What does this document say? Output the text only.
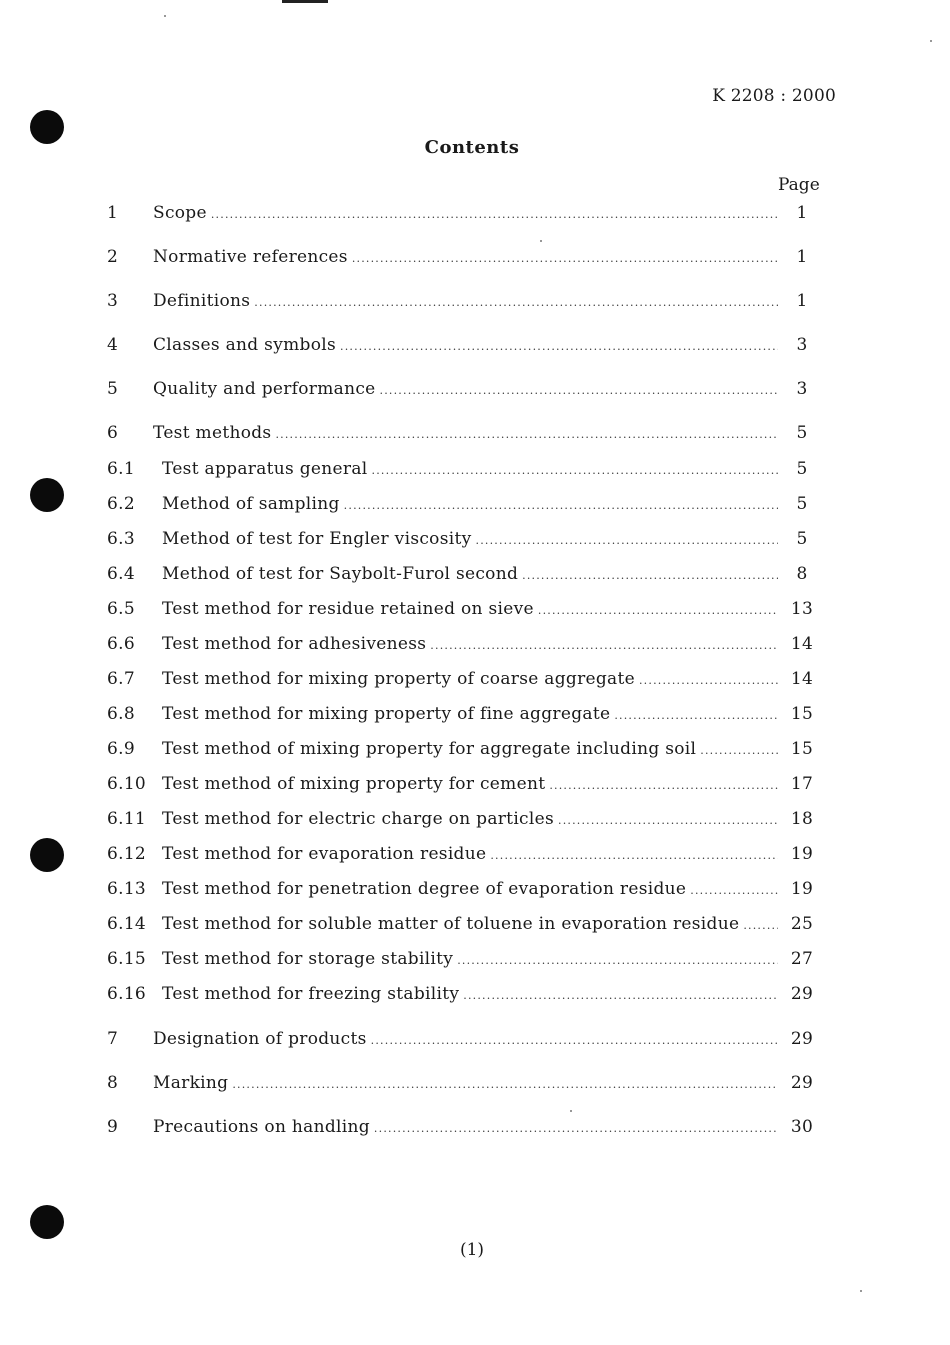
K 2208 : 2000
Contents
Page
1	Scope .....	1
2	Normative references .....	1
3	Definitions .....	1
4	Classes and symbols .....	3
5	Quality and performance .....	3
6	Test methods .....	5
6.1	Test apparatus general .....	5
6.2	Method of sampling .....	5
6.3	Method of test for Engler viscosity .....	5
6.4	Method of test for Saybolt-Furol second .....	8
6.5	Test method for residue retained on sieve .....	13
6.6	Test method for adhesiveness .....	14
6.7	Test method for mixing property of coarse aggregate .....	14
6.8	Test method for mixing property of fine aggregate .....	15
6.9	Test method of mixing property for aggregate including soil .....	15
6.10 Test method of mixing property for cement .....	17
6.11 Test method for electric charge on particles .....	18
6.12 Test method for evaporation residue .....	19
6.13 Test method for penetration degree of evaporation residue .....	19
6.14 Test method for soluble matter of toluene in evaporation residue .....	25
6.15 Test method for storage stability .....	27
6.16 Test method for freezing stability .....	29
7	Designation of products .....	29
8	Marking .....	29
9	Precautions on handling .....	30
(1)
